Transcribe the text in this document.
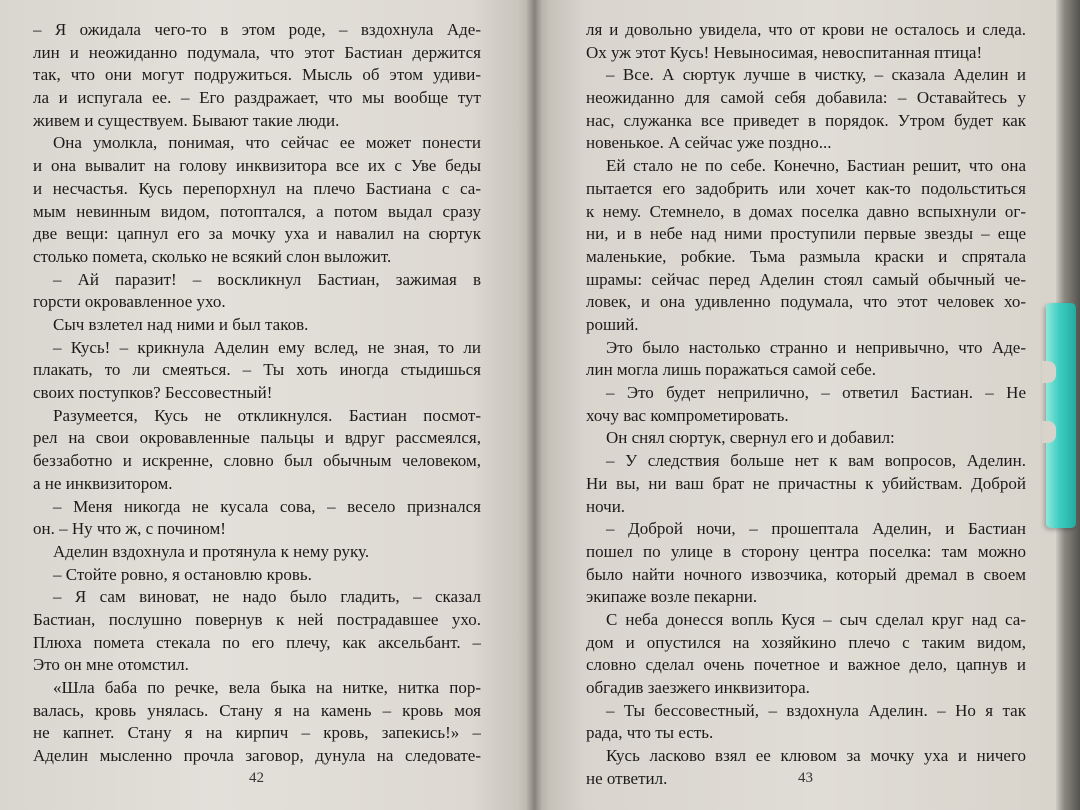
– Я ожидала чего-то в этом роде, – вздохнула Аде-

лин и неожиданно подумала, что этот Бастиан держится

так, что они могут подружиться. Мысль об этом удиви-

ла и испугала ее. – Его раздражает, что мы вообще тут

живем и существуем. Бывают такие люди.

Она умолкла, понимая, что сейчас ее может понести

и она вывалит на голову инквизитора все их с Уве беды

и несчастья. Кусь перепорхнул на плечо Бастиана с са-

мым невинным видом, потоптался, а потом выдал сразу

две вещи: цапнул его за мочку уха и навалил на сюртук

столько помета, сколько не всякий слон выложит.

– Ай паразит! – воскликнул Бастиан, зажимая в

горсти окровавленное ухо.

Сыч взлетел над ними и был таков.

– Кусь! – крикнула Аделин ему вслед, не зная, то ли

плакать, то ли смеяться. – Ты хоть иногда стыдишься

своих поступков? Бессовестный!

Разумеется, Кусь не откликнулся. Бастиан посмот-

рел на свои окровавленные пальцы и вдруг рассмеялся,

беззаботно и искренне, словно был обычным человеком,

а не инквизитором.

– Меня никогда не кусала сова, – весело признался

он. – Ну что ж, с почином!

Аделин вздохнула и протянула к нему руку.

– Стойте ровно, я остановлю кровь.

– Я сам виноват, не надо было гладить, – сказал

Бастиан, послушно повернув к ней пострадавшее ухо.

Плюха помета стекала по его плечу, как аксельбант. –

Это он мне отомстил.

«Шла баба по речке, вела быка на нитке, нитка пор-

валась, кровь унялась. Стану я на камень – кровь моя

не капнет. Стану я на кирпич – кровь, запекись!» –

Аделин мысленно прочла заговор, дунула на следовате-

42

ля и довольно увидела, что от крови не осталось и следа.

Ох уж этот Кусь! Невыносимая, невоспитанная птица!

– Все. А сюртук лучше в чистку, – сказала Аделин и

неожиданно для самой себя добавила: – Оставайтесь у

нас, служанка все приведет в порядок. Утром будет как

новенькое. А сейчас уже поздно...

Ей стало не по себе. Конечно, Бастиан решит, что она

пытается его задобрить или хочет как-то подольститься

к нему. Стемнело, в домах поселка давно вспыхнули ог-

ни, и в небе над ними проступили первые звезды – еще

маленькие, робкие. Тьма размыла краски и спрятала

шрамы: сейчас перед Аделин стоял самый обычный че-

ловек, и она удивленно подумала, что этот человек хо-

роший.

Это было настолько странно и непривычно, что Аде-

лин могла лишь поражаться самой себе.

– Это будет неприлично, – ответил Бастиан. – Не

хочу вас компрометировать.

Он снял сюртук, свернул его и добавил:

– У следствия больше нет к вам вопросов, Аделин.

Ни вы, ни ваш брат не причастны к убийствам. Доброй

ночи.

– Доброй ночи, – прошептала Аделин, и Бастиан

пошел по улице в сторону центра поселка: там можно

было найти ночного извозчика, который дремал в своем

экипаже возле пекарни.

С неба донесся вопль Куся – сыч сделал круг над са-

дом и опустился на хозяйкино плечо с таким видом,

словно сделал очень почетное и важное дело, цапнув и

обгадив заезжего инквизитора.

– Ты бессовестный, – вздохнула Аделин. – Но я так

рада, что ты есть.

Кусь ласково взял ее клювом за мочку уха и ничего

не ответил.	43
